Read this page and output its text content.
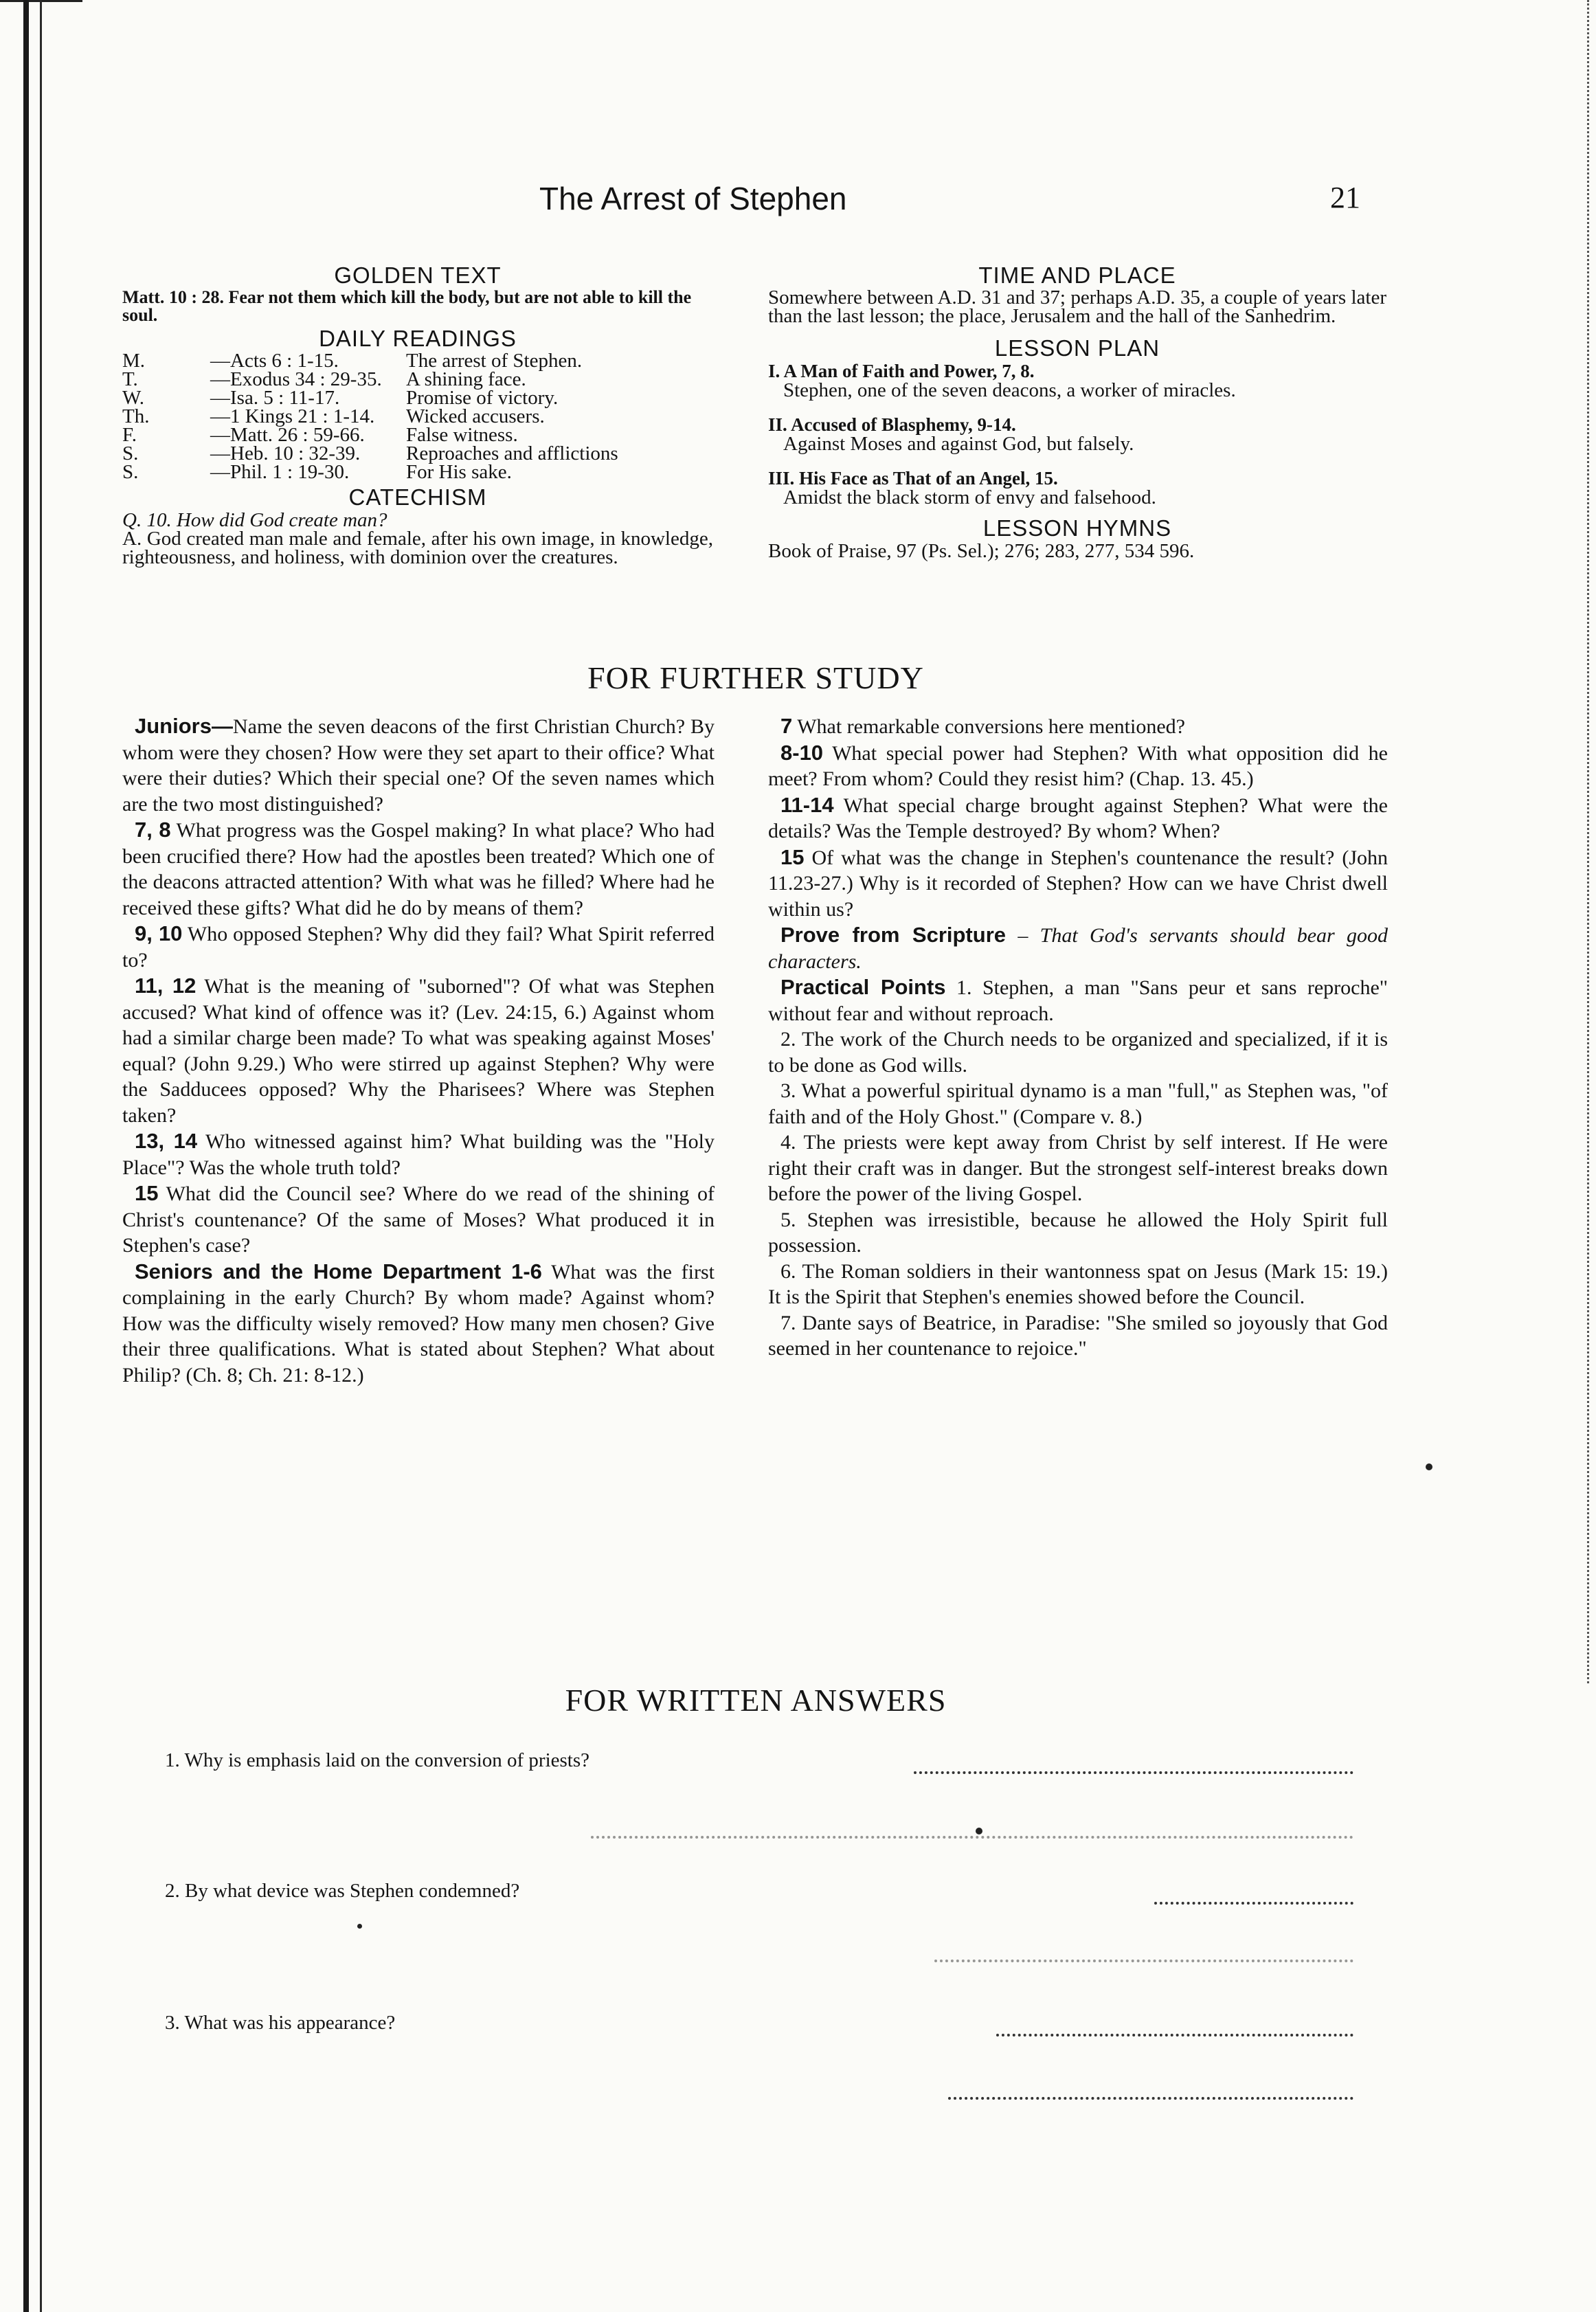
The Arrest of Stephen	21
GOLDEN TEXT
Matt. 10 : 28. Fear not them which kill the body, but are not able to kill the soul.
DAILY READINGS
M.	—Acts 6 : 1-15.	The arrest of Stephen.
T.	—Exodus 34 : 29-35.	A shining face.
W.	—Isa. 5 : 11-17.	Promise of victory.
Th.	—1 Kings 21 : 1-14.	Wicked accusers.
F.	—Matt. 26 : 59-66.	False witness.
S.	—Heb. 10 : 32-39.	Reproaches and afflictions
S.	—Phil. 1 : 19-30.	For His sake.
CATECHISM
Q. 10. How did God create man?
A. God created man male and female, after his own image, in knowledge, righteousness, and holiness, with dominion over the creatures.
TIME AND PLACE
Somewhere between A.D. 31 and 37; perhaps A.D. 35, a couple of years later than the last lesson; the place, Jerusalem and the hall of the Sanhedrim.
LESSON PLAN

I. A Man of Faith and Power, 7, 8.

Stephen, one of the seven deacons, a worker of miracles.

II. Accused of Blasphemy, 9-14.

Against Moses and against God, but falsely.

III. His Face as That of an Angel, 15.

Amidst the black storm of envy and falsehood.

LESSON HYMNS
Book of Praise, 97 (Ps. Sel.); 276; 283, 277, 534 596.
FOR FURTHER STUDY

Juniors—Name the seven deacons of the first Christian Church? By whom were they chosen? How were they set apart to their office? What were their duties? Which their special one? Of the seven names which are the two most distinguished?

7, 8 What progress was the Gospel making? In what place? Who had been crucified there? How had the apostles been treated? Which one of the deacons attracted attention? With what was he filled? Where had he received these gifts? What did he do by means of them?

9, 10 Who opposed Stephen? Why did they fail? What Spirit referred to?

11, 12 What is the meaning of "suborned"? Of what was Stephen accused? What kind of offence was it? (Lev. 24:15, 6.) Against whom had a similar charge been made? To what was speaking against Moses' equal? (John 9.29.) Who were stirred up against Stephen? Why were the Sadducees opposed? Why the Pharisees? Where was Stephen taken?

13, 14 Who witnessed against him? What building was the "Holy Place"? Was the whole truth told?

15 What did the Council see? Where do we read of the shining of Christ's countenance? Of the same of Moses? What produced it in Stephen's case?

Seniors and the Home Department 1-6 What was the first complaining in the early Church? By whom made? Against whom? How was the difficulty wisely removed? How many men chosen? Give their three qualifications. What is stated about Stephen? What about Philip? (Ch. 8; Ch. 21: 8-12.)

7 What remarkable conversions here mentioned?

8-10 What special power had Stephen? With what opposition did he meet? From whom? Could they resist him? (Chap. 13. 45.)

11-14 What special charge brought against Stephen? What were the details? Was the Temple destroyed? By whom? When?

15 Of what was the change in Stephen's countenance the result? (John 11.23-27.) Why is it recorded of Stephen? How can we have Christ dwell within us?

Prove from Scripture – That God's servants should bear good characters.

Practical Points 1. Stephen, a man "Sans peur et sans reproche" without fear and without reproach.

2. The work of the Church needs to be organized and specialized, if it is to be done as God wills.

3. What a powerful spiritual dynamo is a man "full," as Stephen was, "of faith and of the Holy Ghost." (Compare v. 8.)

4. The priests were kept away from Christ by self interest. If He were right their craft was in danger. But the strongest self-interest breaks down before the power of the living Gospel.

5. Stephen was irresistible, because he allowed the Holy Spirit full possession.

6. The Roman soldiers in their wantonness spat on Jesus (Mark 15: 19.) It is the Spirit that Stephen's enemies showed before the Council.

7. Dante says of Beatrice, in Paradise: "She smiled so joyously that God seemed in her countenance to rejoice."

FOR WRITTEN ANSWERS
1. Why is emphasis laid on the conversion of priests?
2. By what device was Stephen condemned?
3. What was his appearance?
